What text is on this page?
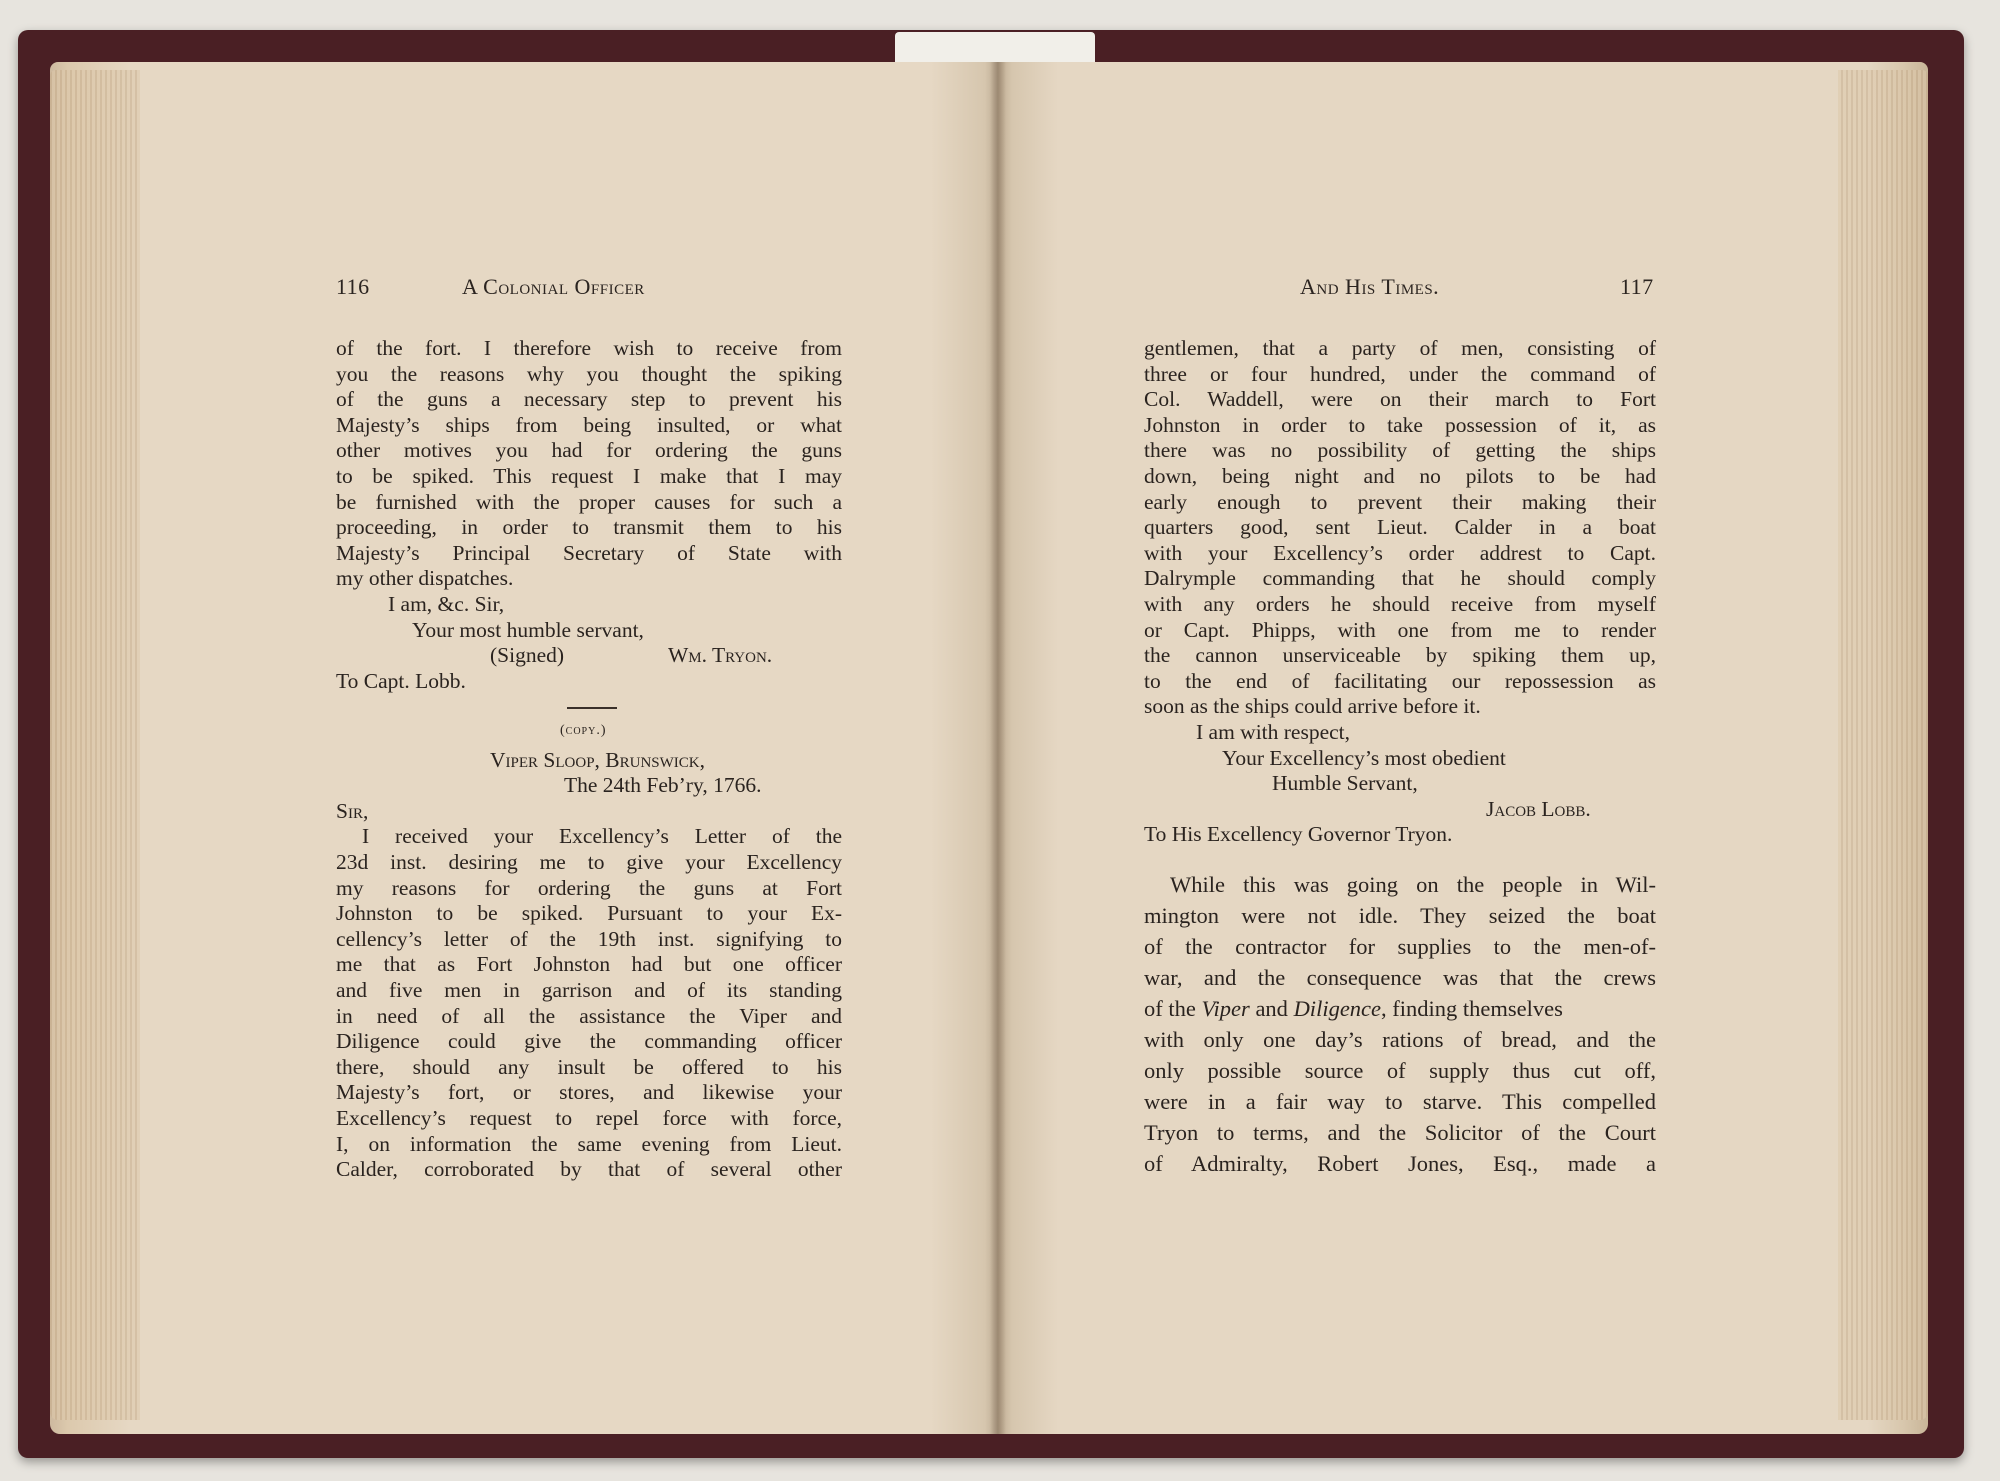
116	A Colonial Officer
of the fort. I therefore wish to receive from
you the reasons why you thought the spiking
of the guns a necessary step to prevent his
Majesty’s ships from being insulted, or what
other motives you had for ordering the guns
to be spiked. This request I make that I may
be furnished with the proper causes for such a
proceeding, in order to transmit them to his
Majesty’s Principal Secretary of State with
my other dispatches.
I am, &c. Sir,
Your most humble servant,
(Signed)	Wm. Tryon.
To Capt. Lobb.
(copy.)
Viper Sloop, Brunswick,
The 24th Feb’ry, 1766.
Sir,
I received your Excellency’s Letter of the
23d inst. desiring me to give your Excellency
my reasons for ordering the guns at Fort
Johnston to be spiked. Pursuant to your Ex-
cellency’s letter of the 19th inst. signifying to
me that as Fort Johnston had but one officer
and five men in garrison and of its standing
in need of all the assistance the Viper and
Diligence could give the commanding officer
there, should any insult be offered to his
Majesty’s fort, or stores, and likewise your
Excellency’s request to repel force with force,
I, on information the same evening from Lieut.
Calder, corroborated by that of several other
And His Times.	117
gentlemen, that a party of men, consisting of
three or four hundred, under the command of
Col. Waddell, were on their march to Fort
Johnston in order to take possession of it, as
there was no possibility of getting the ships
down, being night and no pilots to be had
early enough to prevent their making their
quarters good, sent Lieut. Calder in a boat
with your Excellency’s order addrest to Capt.
Dalrymple commanding that he should comply
with any orders he should receive from myself
or Capt. Phipps, with one from me to render
the cannon unserviceable by spiking them up,
to the end of facilitating our repossession as
soon as the ships could arrive before it.
I am with respect,
Your Excellency’s most obedient
Humble Servant,
Jacob Lobb.
To His Excellency Governor Tryon.
While this was going on the people in Wil-
mington were not idle. They seized the boat
of the contractor for supplies to the men-of-
war, and the consequence was that the crews
of the Viper and Diligence, finding themselves
with only one day’s rations of bread, and the
only possible source of supply thus cut off,
were in a fair way to starve. This compelled
Tryon to terms, and the Solicitor of the Court
of Admiralty, Robert Jones, Esq., made a
